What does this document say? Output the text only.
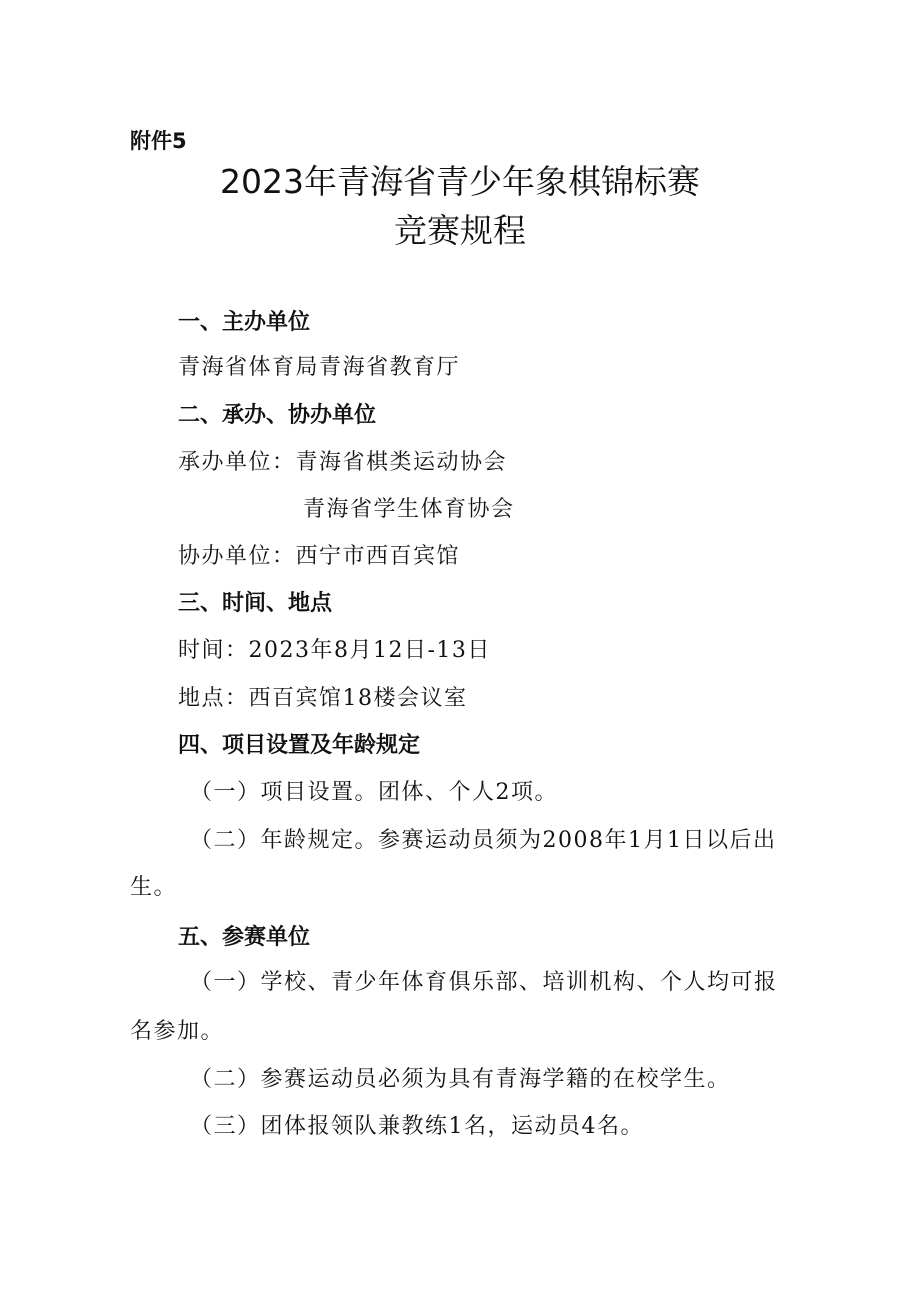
附件5
2023年青海省青少年象棋锦标赛
竞赛规程
一、主办单位
青海省体育局青海省教育厅
二、承办、协办单位
承办单位：青海省棋类运动协会
青海省学生体育协会
协办单位：西宁市西百宾馆
三、时间、地点
时间：2023年8月12日-13日
地点：西百宾馆18楼会议室
四、项目设置及年龄规定
（一）项目设置。团体、个人2项。
（二）年龄规定。参赛运动员须为2008年1月1日以后出
生。
五、参赛单位
（一）学校、青少年体育俱乐部、培训机构、个人均可报
名参加。
（二）参赛运动员必须为具有青海学籍的在校学生。
（三）团体报领队兼教练1名，运动员4名。
